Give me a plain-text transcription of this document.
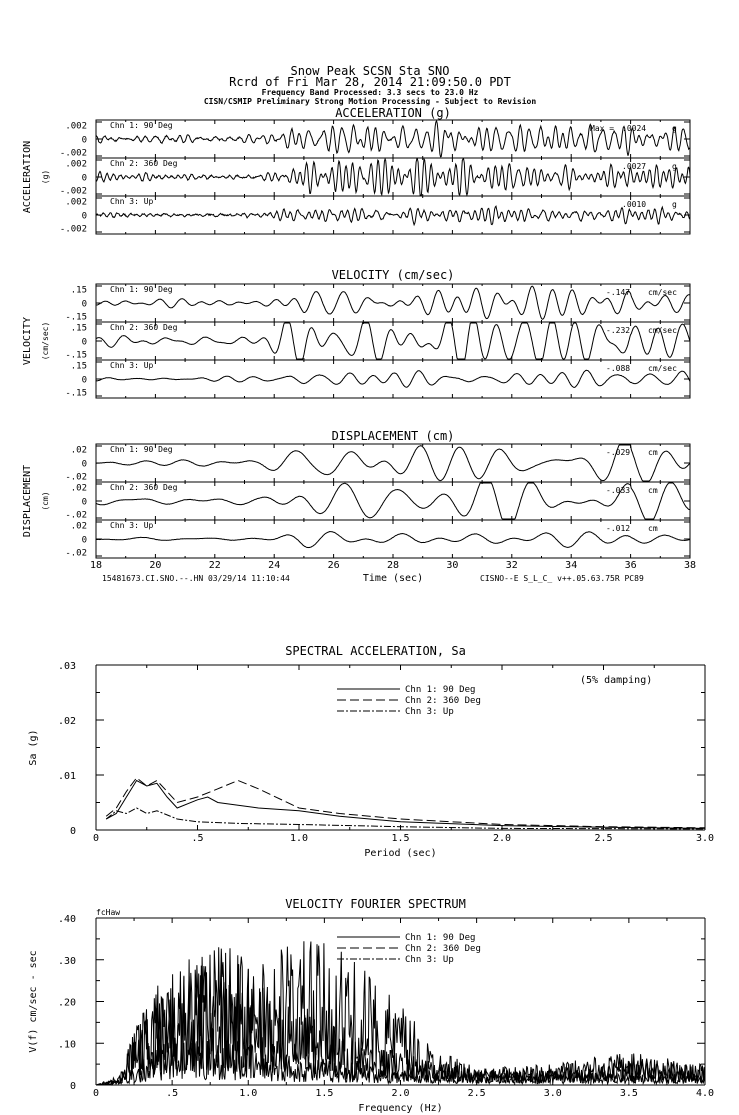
Snow Peak SCSN Sta SNO
Rcrd of Fri Mar 28, 2014 21:09:50.0 PDT
Frequency Band Processed: 3.3 secs to 23.0 Hz
CISN/CSMIP Preliminary Strong Motion Processing - Subject to Revision
15481673.CI.SNO.--.HN 03/29/14 11:10:44	CISNO--E S_L_C_ v++.05.63.75R PC89
ACCELERATION (g)
ACCELERATION (g)
.002
0
-.002
Chn 1: 90 Deg	Max = .0024	g
.002
0
-.002
Chn 2: 360 Deg	.0027	g
.002
0
-.002
Chn 3: Up	.0010	g
VELOCITY (cm/sec)
VELOCITY (cm/sec)
.15
0
-.15
Chn 1: 90 Deg	-.147 cm/sec
.15
0
-.15
Chn 2: 360 Deg	-.232 cm/sec
.15
0
-.15
Chn 3: Up	-.088 cm/sec
DISPLACEMENT (cm)
DISPLACEMENT (cm)
.02
0
-.02
Chn 1: 90 Deg	-.029 cm
.02
0
-.02
Chn 2: 360 Deg	-.033 cm
.02
0
-.02
Chn 3: Up	-.012 cm
18	20	22	24	26	28	30	32	34	36	38
Time (sec)
SPECTRAL ACCELERATION, Sa
0	.5	1.0	1.5	2.0	2.5	3.0
0
.01
.02
.03
Period (sec)
Sa (g)
Chn 1: 90 Deg
Chn 2: 360 Deg
Chn 3: Up
(5% damping)
VELOCITY FOURIER SPECTRUM
0	.5	1.0	1.5	2.0	2.5	3.0	3.5	4.0
0
.10
.20
.30
.40
Frequency (Hz)
V(f) cm/sec - sec
Chn 1: 90 Deg
Chn 2: 360 Deg
Chn 3: Up
fcHaw
